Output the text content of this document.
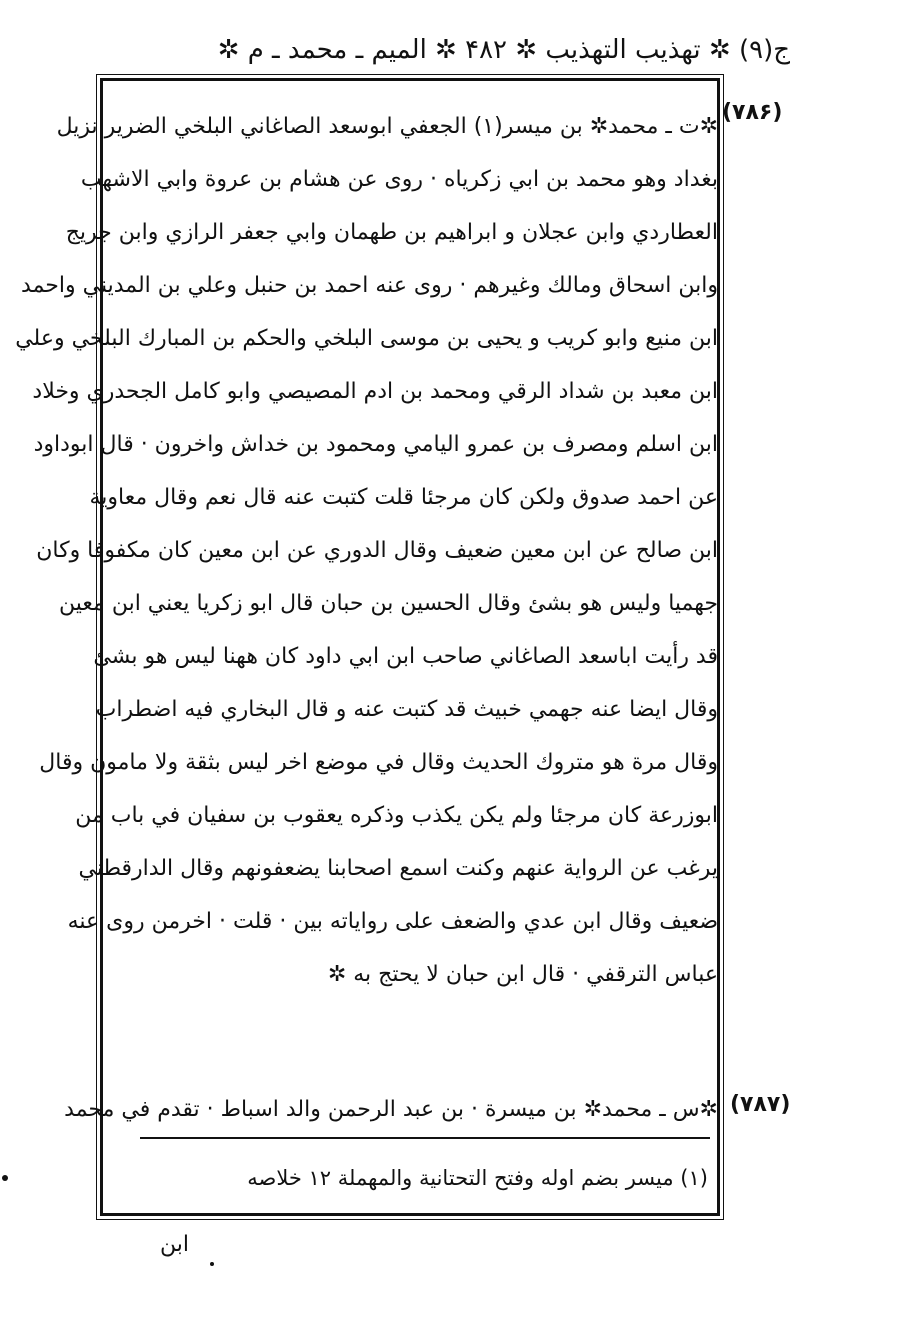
ج(۹) ✲ تهذیب التهذیب ✲ ۴۸۲ ✲ المیم ـ محمد ـ م ✲
(۷۸۶)
✲ت ـ محمد✲ بن میسر(۱) الجعفي ابوسعد الصاغاني البلخي الضرير نزيل
بغداد وهو محمد بن ابي زكرياه · روى عن هشام بن عروة وابي الاشهب
العطاردي وابن عجلان و ابراهيم بن طهمان وابي جعفر الرازي وابن جريج
وابن اسحاق ومالك وغيرهم · روى عنه احمد بن حنبل وعلي بن المديني واحمد
ابن منيع وابو كريب و يحيى بن موسى البلخي والحكم بن المبارك البلخي وعلي
ابن معبد بن شداد الرقي ومحمد بن ادم المصيصي وابو كامل الجحدري وخلاد
ابن اسلم ومصرف بن عمرو اليامي ومحمود بن خداش واخرون · قال ابوداود
عن احمد صدوق ولكن كان مرجئا قلت كتبت عنه قال نعم وقال معاوية
ابن صالح عن ابن معين ضعيف وقال الدوري عن ابن معين كان مكفوفا وكان
جهميا وليس هو بشئ وقال الحسين بن حبان قال ابو زكريا يعني ابن معين
قد رأيت اباسعد الصاغاني صاحب ابن ابي داود كان ههنا ليس هو بشئ
وقال ايضا عنه جهمي خبيث قد كتبت عنه و قال البخاري فيه اضطراب
وقال مرة هو متروك الحديث وقال في موضع اخر ليس بثقة ولا مامون وقال
ابوزرعة كان مرجئا ولم يكن يكذب وذكره يعقوب بن سفيان في باب من
يرغب عن الرواية عنهم وكنت اسمع اصحابنا يضعفونهم وقال الدارقطني
ضعيف وقال ابن عدي والضعف على رواياته بين · قلت · اخرمن روى عنه
عباس الترقفي · قال ابن حبان لا يحتج به ✲
(۷۸۷)
✲س ـ محمد✲ بن ميسرة · بن عبد الرحمن والد اسباط · تقدم في محمد
(۱) ميسر بضم اوله وفتح التحتانية والمهملة ۱۲ خلاصه
ابن
